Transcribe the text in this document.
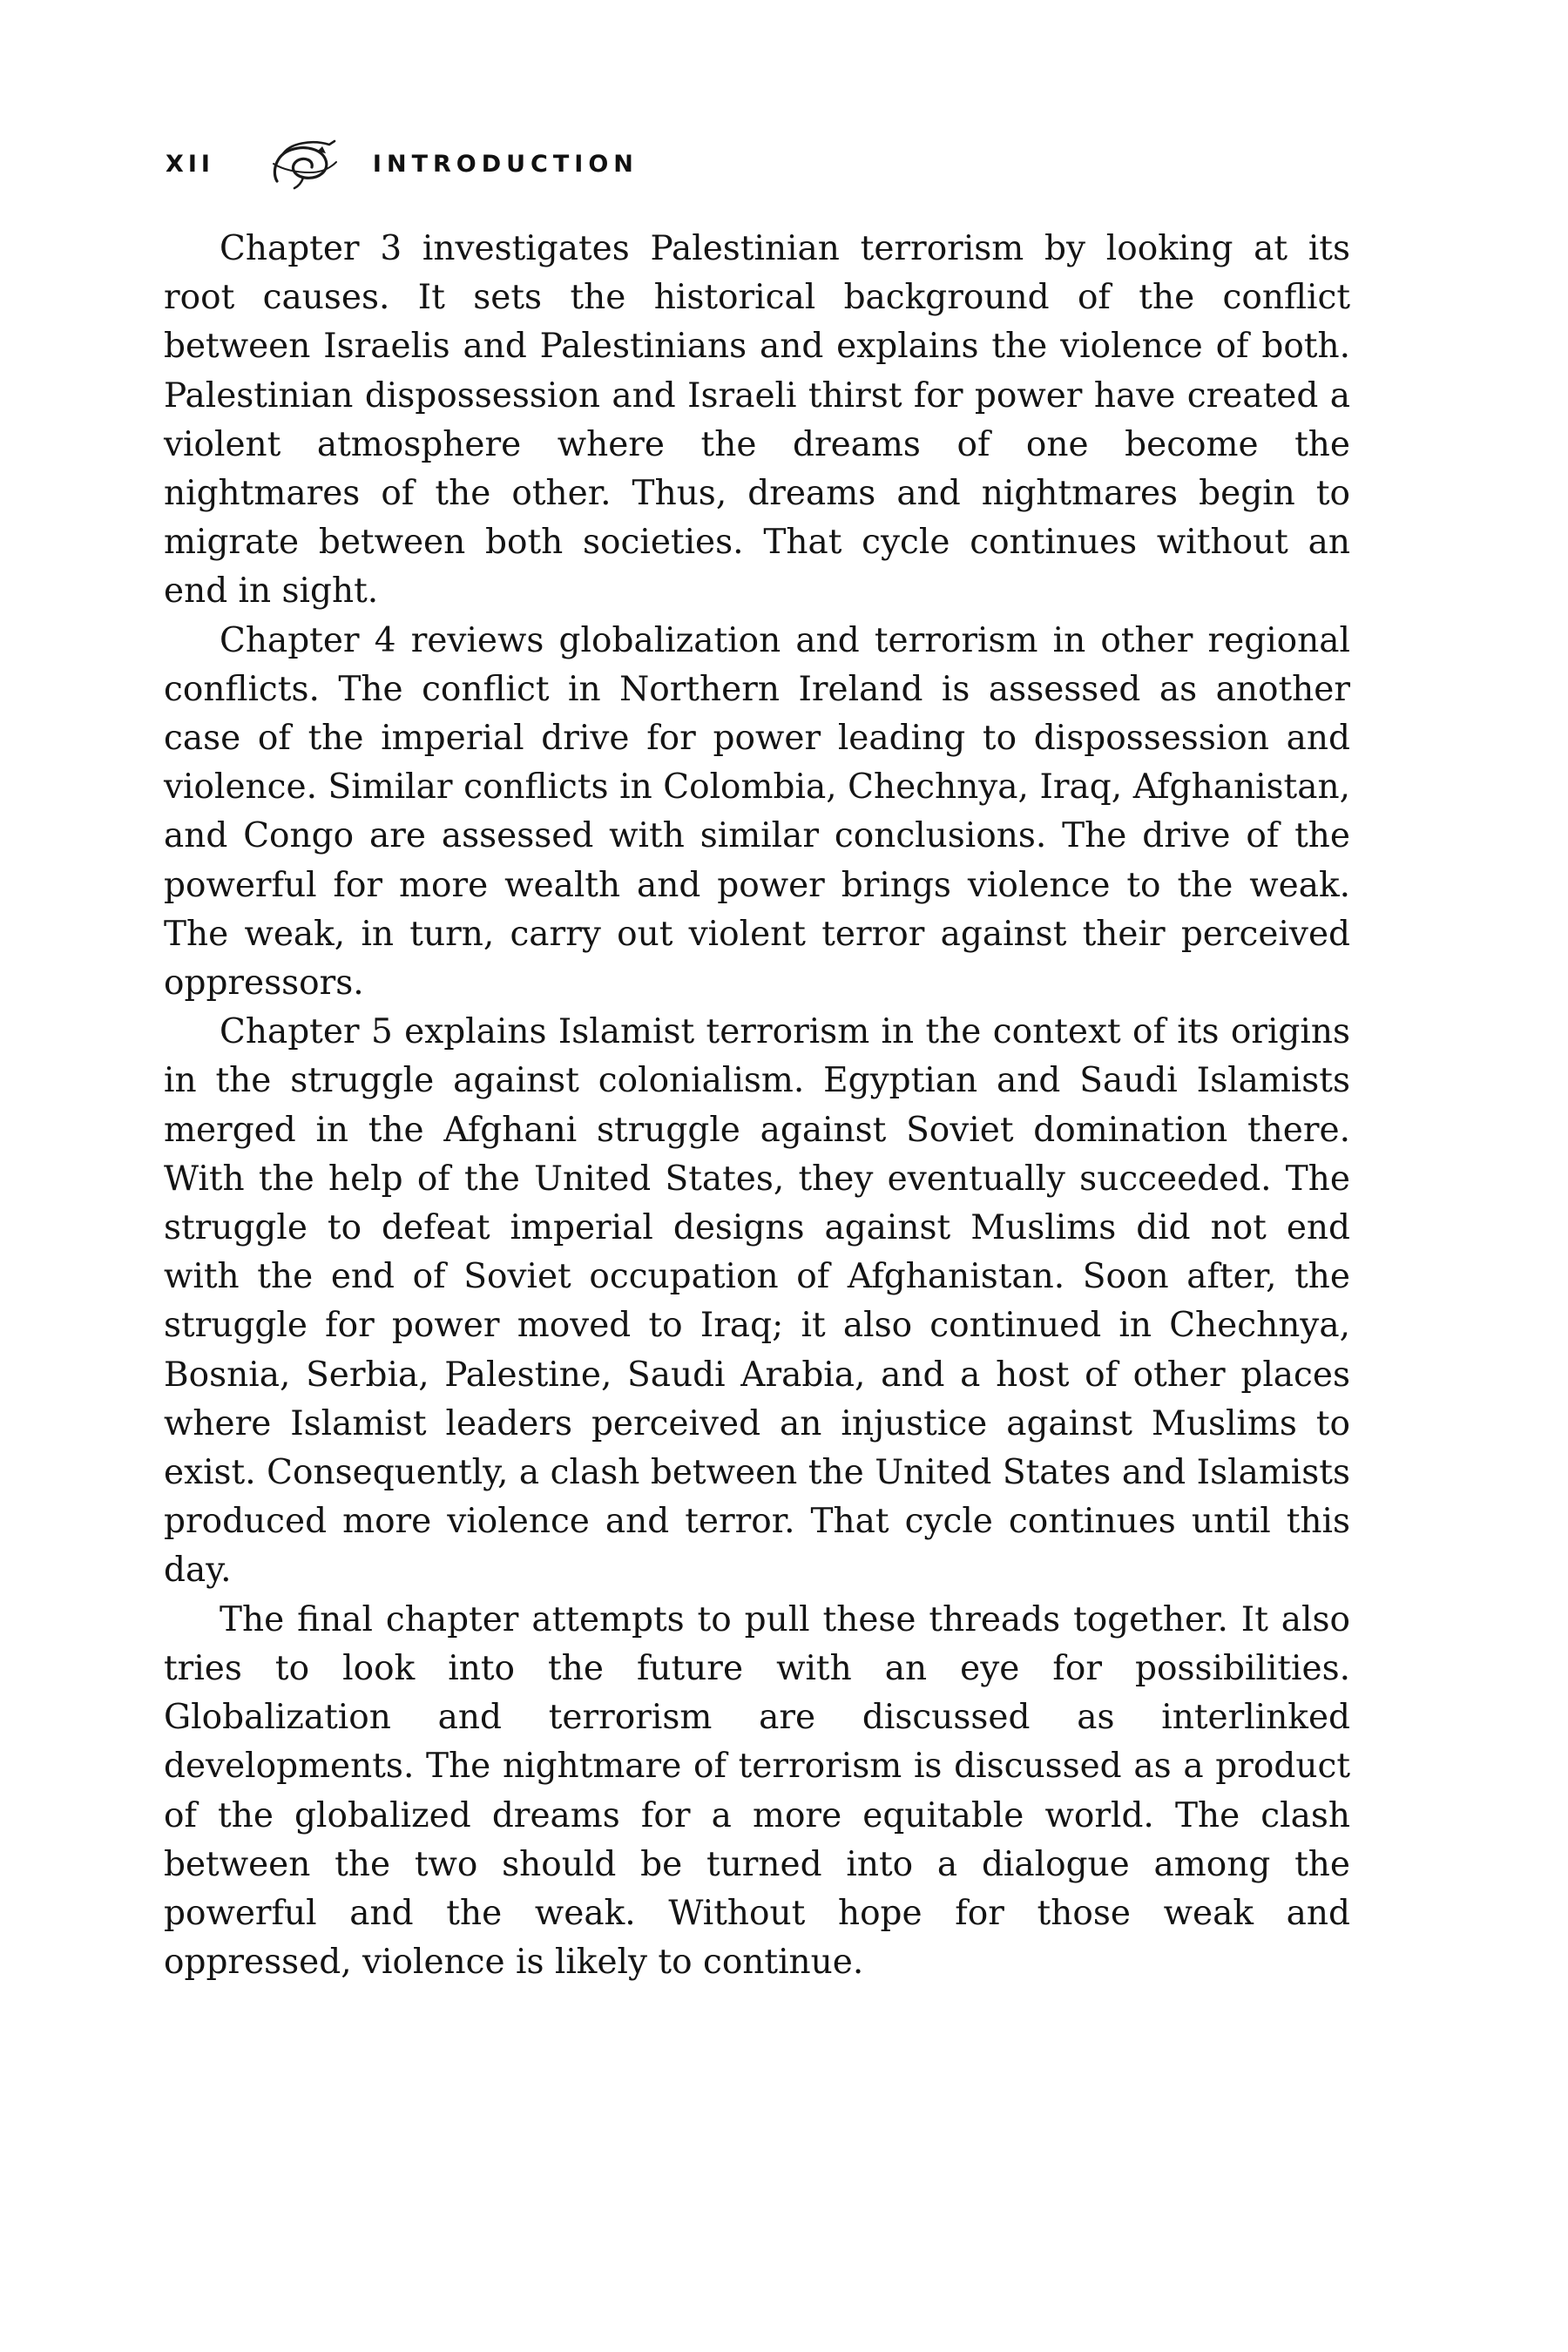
XII	INTRODUCTION

Chapter 3 investigates Palestinian terrorism by looking at its root causes. It sets the historical background of the conflict between Israelis and Palestinians and explains the violence of both. Palestinian dispossession and Israeli thirst for power have created a violent atmosphere where the dreams of one become the nightmares of the other. Thus, dreams and nightmares begin to migrate between both societies. That cycle continues without an end in sight.

Chapter 4 reviews globalization and terrorism in other regional conflicts. The conflict in Northern Ireland is assessed as another case of the imperial drive for power leading to dispossession and violence. Similar conflicts in Colombia, Chechnya, Iraq, Afghanistan, and Congo are assessed with similar conclusions. The drive of the powerful for more wealth and power brings violence to the weak. The weak, in turn, carry out violent terror against their perceived oppressors.

Chapter 5 explains Islamist terrorism in the context of its origins in the struggle against colonialism. Egyptian and Saudi Islamists merged in the Afghani struggle against Soviet domination there. With the help of the United States, they eventually succeeded. The struggle to defeat imperial designs against Muslims did not end with the end of Soviet occupation of Afghanistan. Soon after, the struggle for power moved to Iraq; it also continued in Chechnya, Bosnia, Serbia, Palestine, Saudi Arabia, and a host of other places where Islamist leaders perceived an injustice against Muslims to exist. Consequently, a clash between the United States and Islamists produced more violence and terror. That cycle continues until this day.

The final chapter attempts to pull these threads together. It also tries to look into the future with an eye for possibilities. Globalization and terrorism are discussed as interlinked developments. The nightmare of terrorism is discussed as a product of the globalized dreams for a more equitable world. The clash between the two should be turned into a dialogue among the powerful and the weak. Without hope for those weak and oppressed, violence is likely to continue.
